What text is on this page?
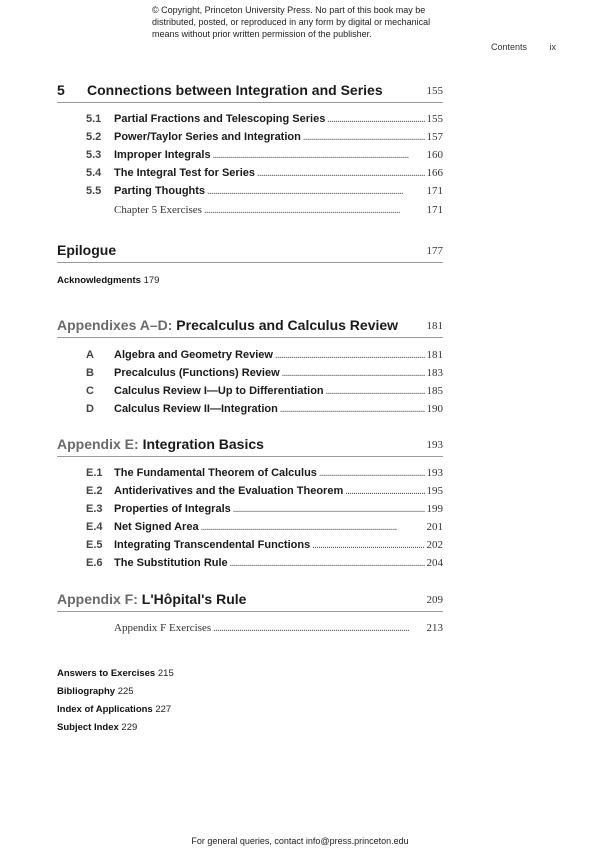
© Copyright, Princeton University Press. No part of this book may be
distributed, posted, or reproduced in any form by digital or mechanical
means without prior written permission of the publisher.
Contents	ix
5 Connections between Integration and Series	155
5.1	Partial Fractions and Telescoping Series . . .	155
5.2	Power/Taylor Series and Integration . . .	157
5.3	Improper Integrals . . .	160
5.4	The Integral Test for Series . . .	166
5.5	Parting Thoughts . . .	171
Chapter 5 Exercises . . .	171
Epilogue	177
Acknowledgments 179
Appendixes A–D: Precalculus and Calculus Review	181
A	Algebra and Geometry Review . . .	181
B	Precalculus (Functions) Review . . .	183
C	Calculus Review I—Up to Differentiation . . .	185
D	Calculus Review II—Integration . . .	190
Appendix E: Integration Basics	193
E.1	The Fundamental Theorem of Calculus . . .	193
E.2	Antiderivatives and the Evaluation Theorem . . .	195
E.3	Properties of Integrals . . .	199
E.4	Net Signed Area . . .	201
E.5	Integrating Transcendental Functions . . .	202
E.6	The Substitution Rule . . .	204
Appendix F: L'Hôpital's Rule	209
Appendix F Exercises . . .	213
Answers to Exercises 215
Bibliography 225
Index of Applications 227
Subject Index 229
For general queries, contact info@press.princeton.edu
